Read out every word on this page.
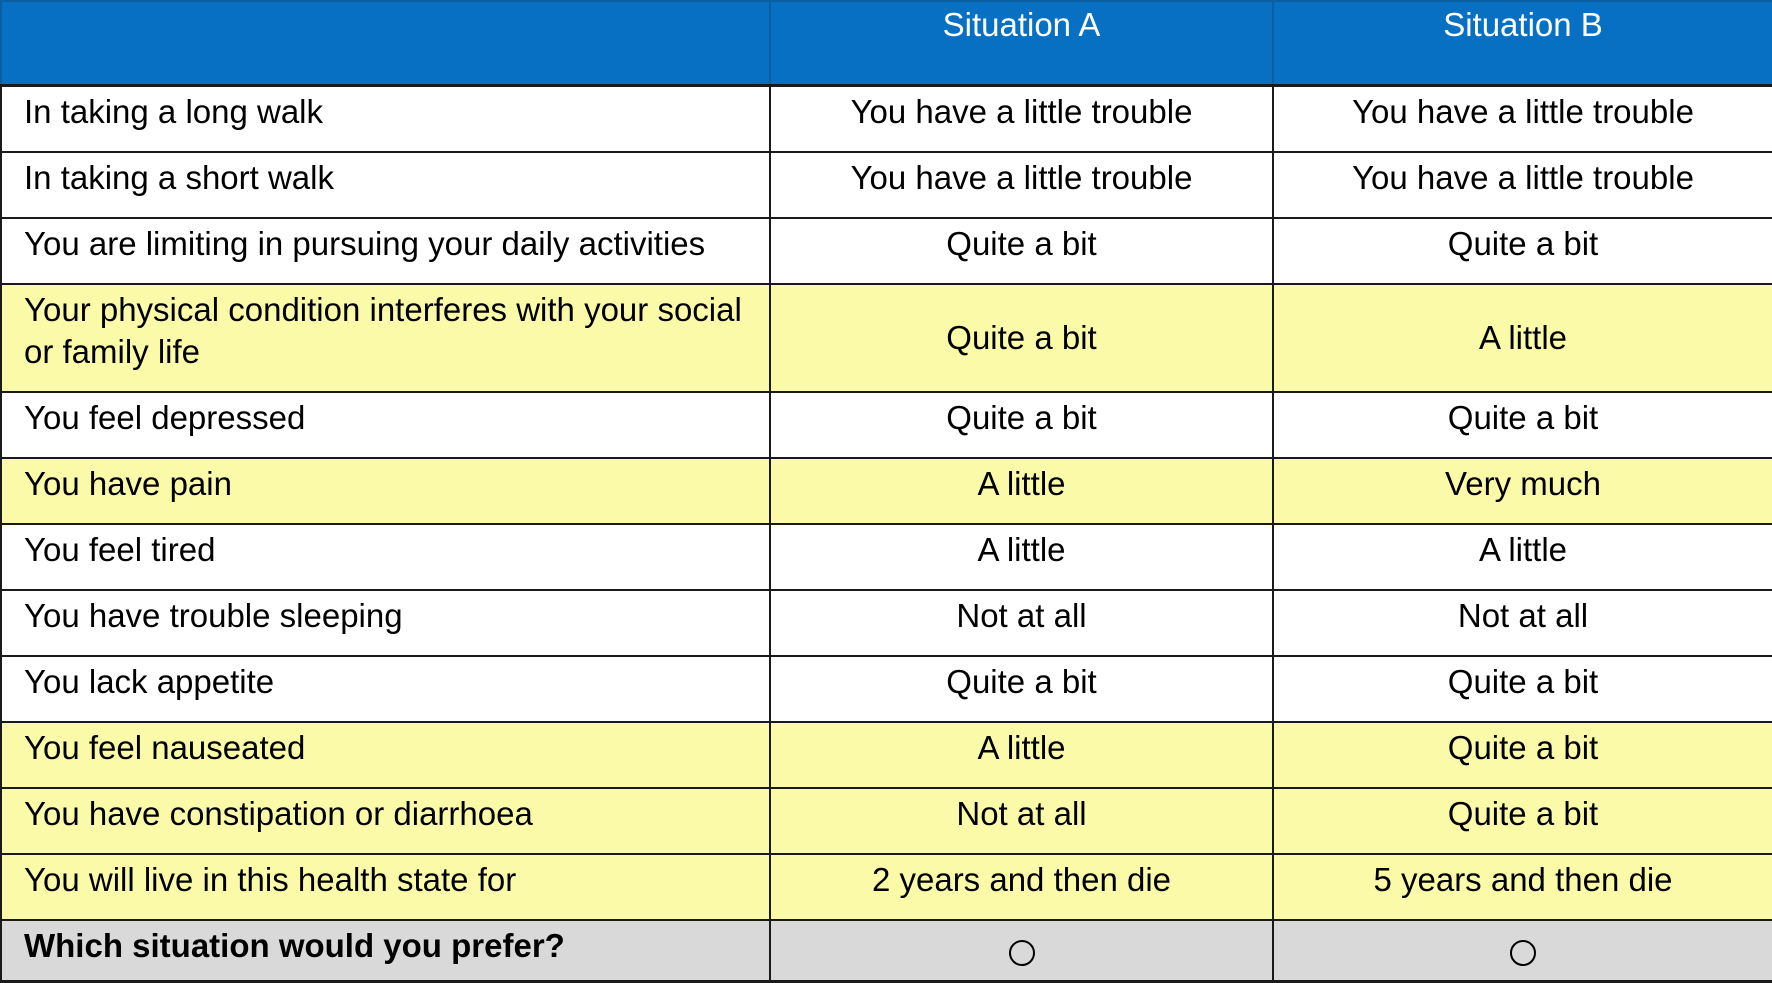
	Situation A	Situation B
In taking a long walk	You have a little trouble	You have a little trouble
In taking a short walk	You have a little trouble	You have a little trouble
You are limiting in pursuing your daily activities	Quite a bit	Quite a bit
Your physical condition interferes with your social or family life	Quite a bit	A little
You feel depressed	Quite a bit	Quite a bit
You have pain	A little	Very much
You feel tired	A little	A little
You have trouble sleeping	Not at all	Not at all
You lack appetite	Quite a bit	Quite a bit
You feel nauseated	A little	Quite a bit
You have constipation or diarrhoea	Not at all	Quite a bit
You will live in this health state for	2 years and then die	5 years and then die
Which situation would you prefer?		
